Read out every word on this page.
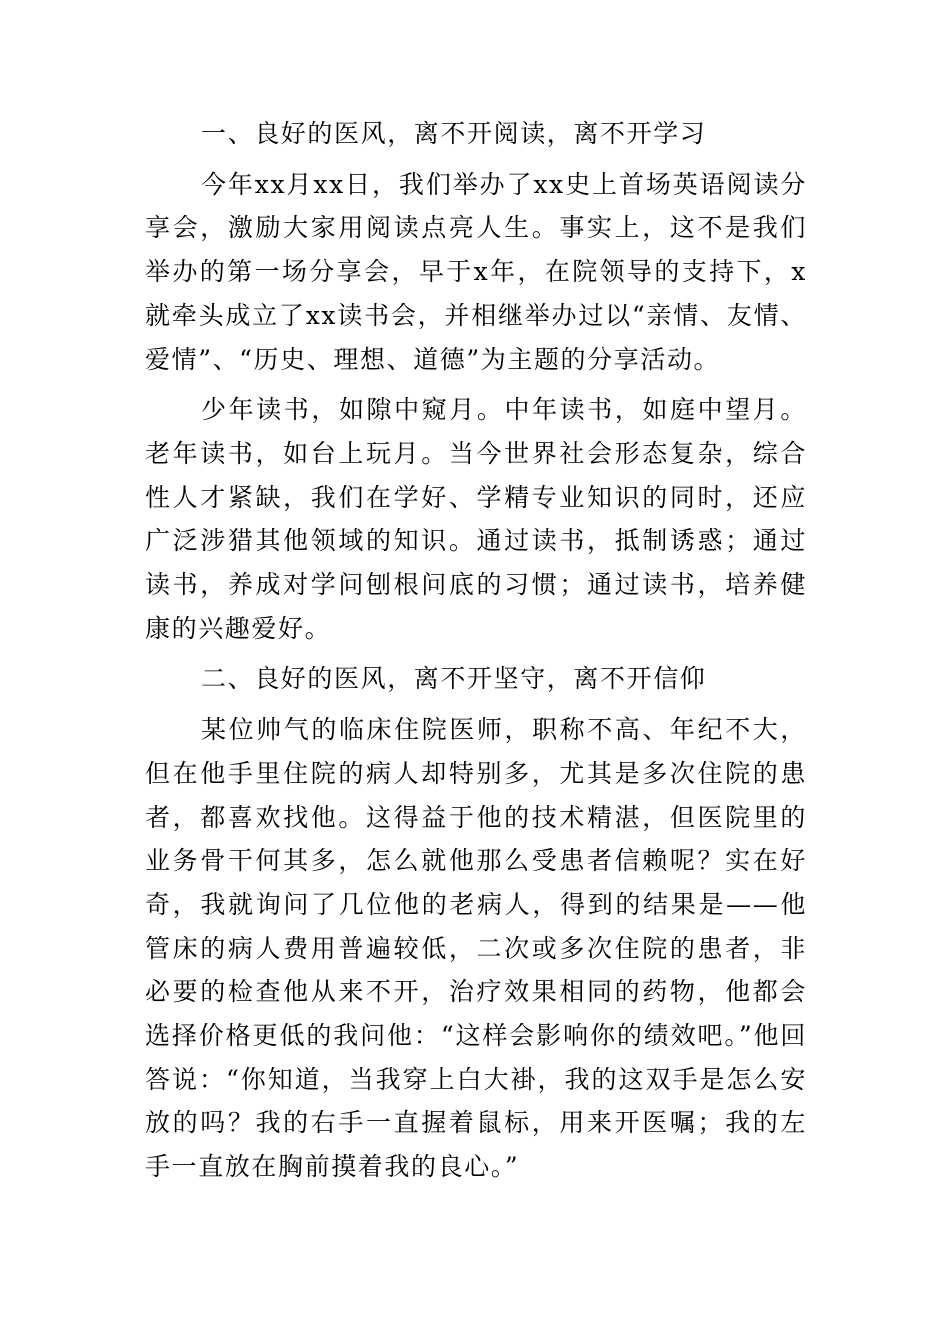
一、良好的医风，离不开阅读，离不开学习

今年xx月xx日，我们举办了xx史上首场英语阅读分享会，激励大家用阅读点亮人生。事实上，这不是我们举办的第一场分享会，早于x年，在院领导的支持下，x就牵头成立了xx读书会，并相继举办过以“亲情、友情、爱情”、“历史、理想、道德”为主题的分享活动。

少年读书，如隙中窥月。中年读书，如庭中望月。老年读书，如台上玩月。当今世界社会形态复杂，综合性人才紧缺，我们在学好、学精专业知识的同时，还应广泛涉猎其他领域的知识。通过读书，抵制诱惑；通过读书，养成对学问刨根问底的习惯；通过读书，培养健康的兴趣爱好。

二、良好的医风，离不开坚守，离不开信仰

某位帅气的临床住院医师，职称不高、年纪不大，但在他手里住院的病人却特别多，尤其是多次住院的患者，都喜欢找他。这得益于他的技术精湛，但医院里的业务骨干何其多，怎么就他那么受患者信赖呢？实在好奇，我就询问了几位他的老病人，得到的结果是——他管床的病人费用普遍较低，二次或多次住院的患者，非必要的检查他从来不开，治疗效果相同的药物，他都会选择价格更低的我问他：“这样会影响你的绩效吧。”他回答说：“你知道，当我穿上白大褂，我的这双手是怎么安放的吗？我的右手一直握着鼠标，用来开医嘱；我的左手一直放在胸前摸着我的良心。”
